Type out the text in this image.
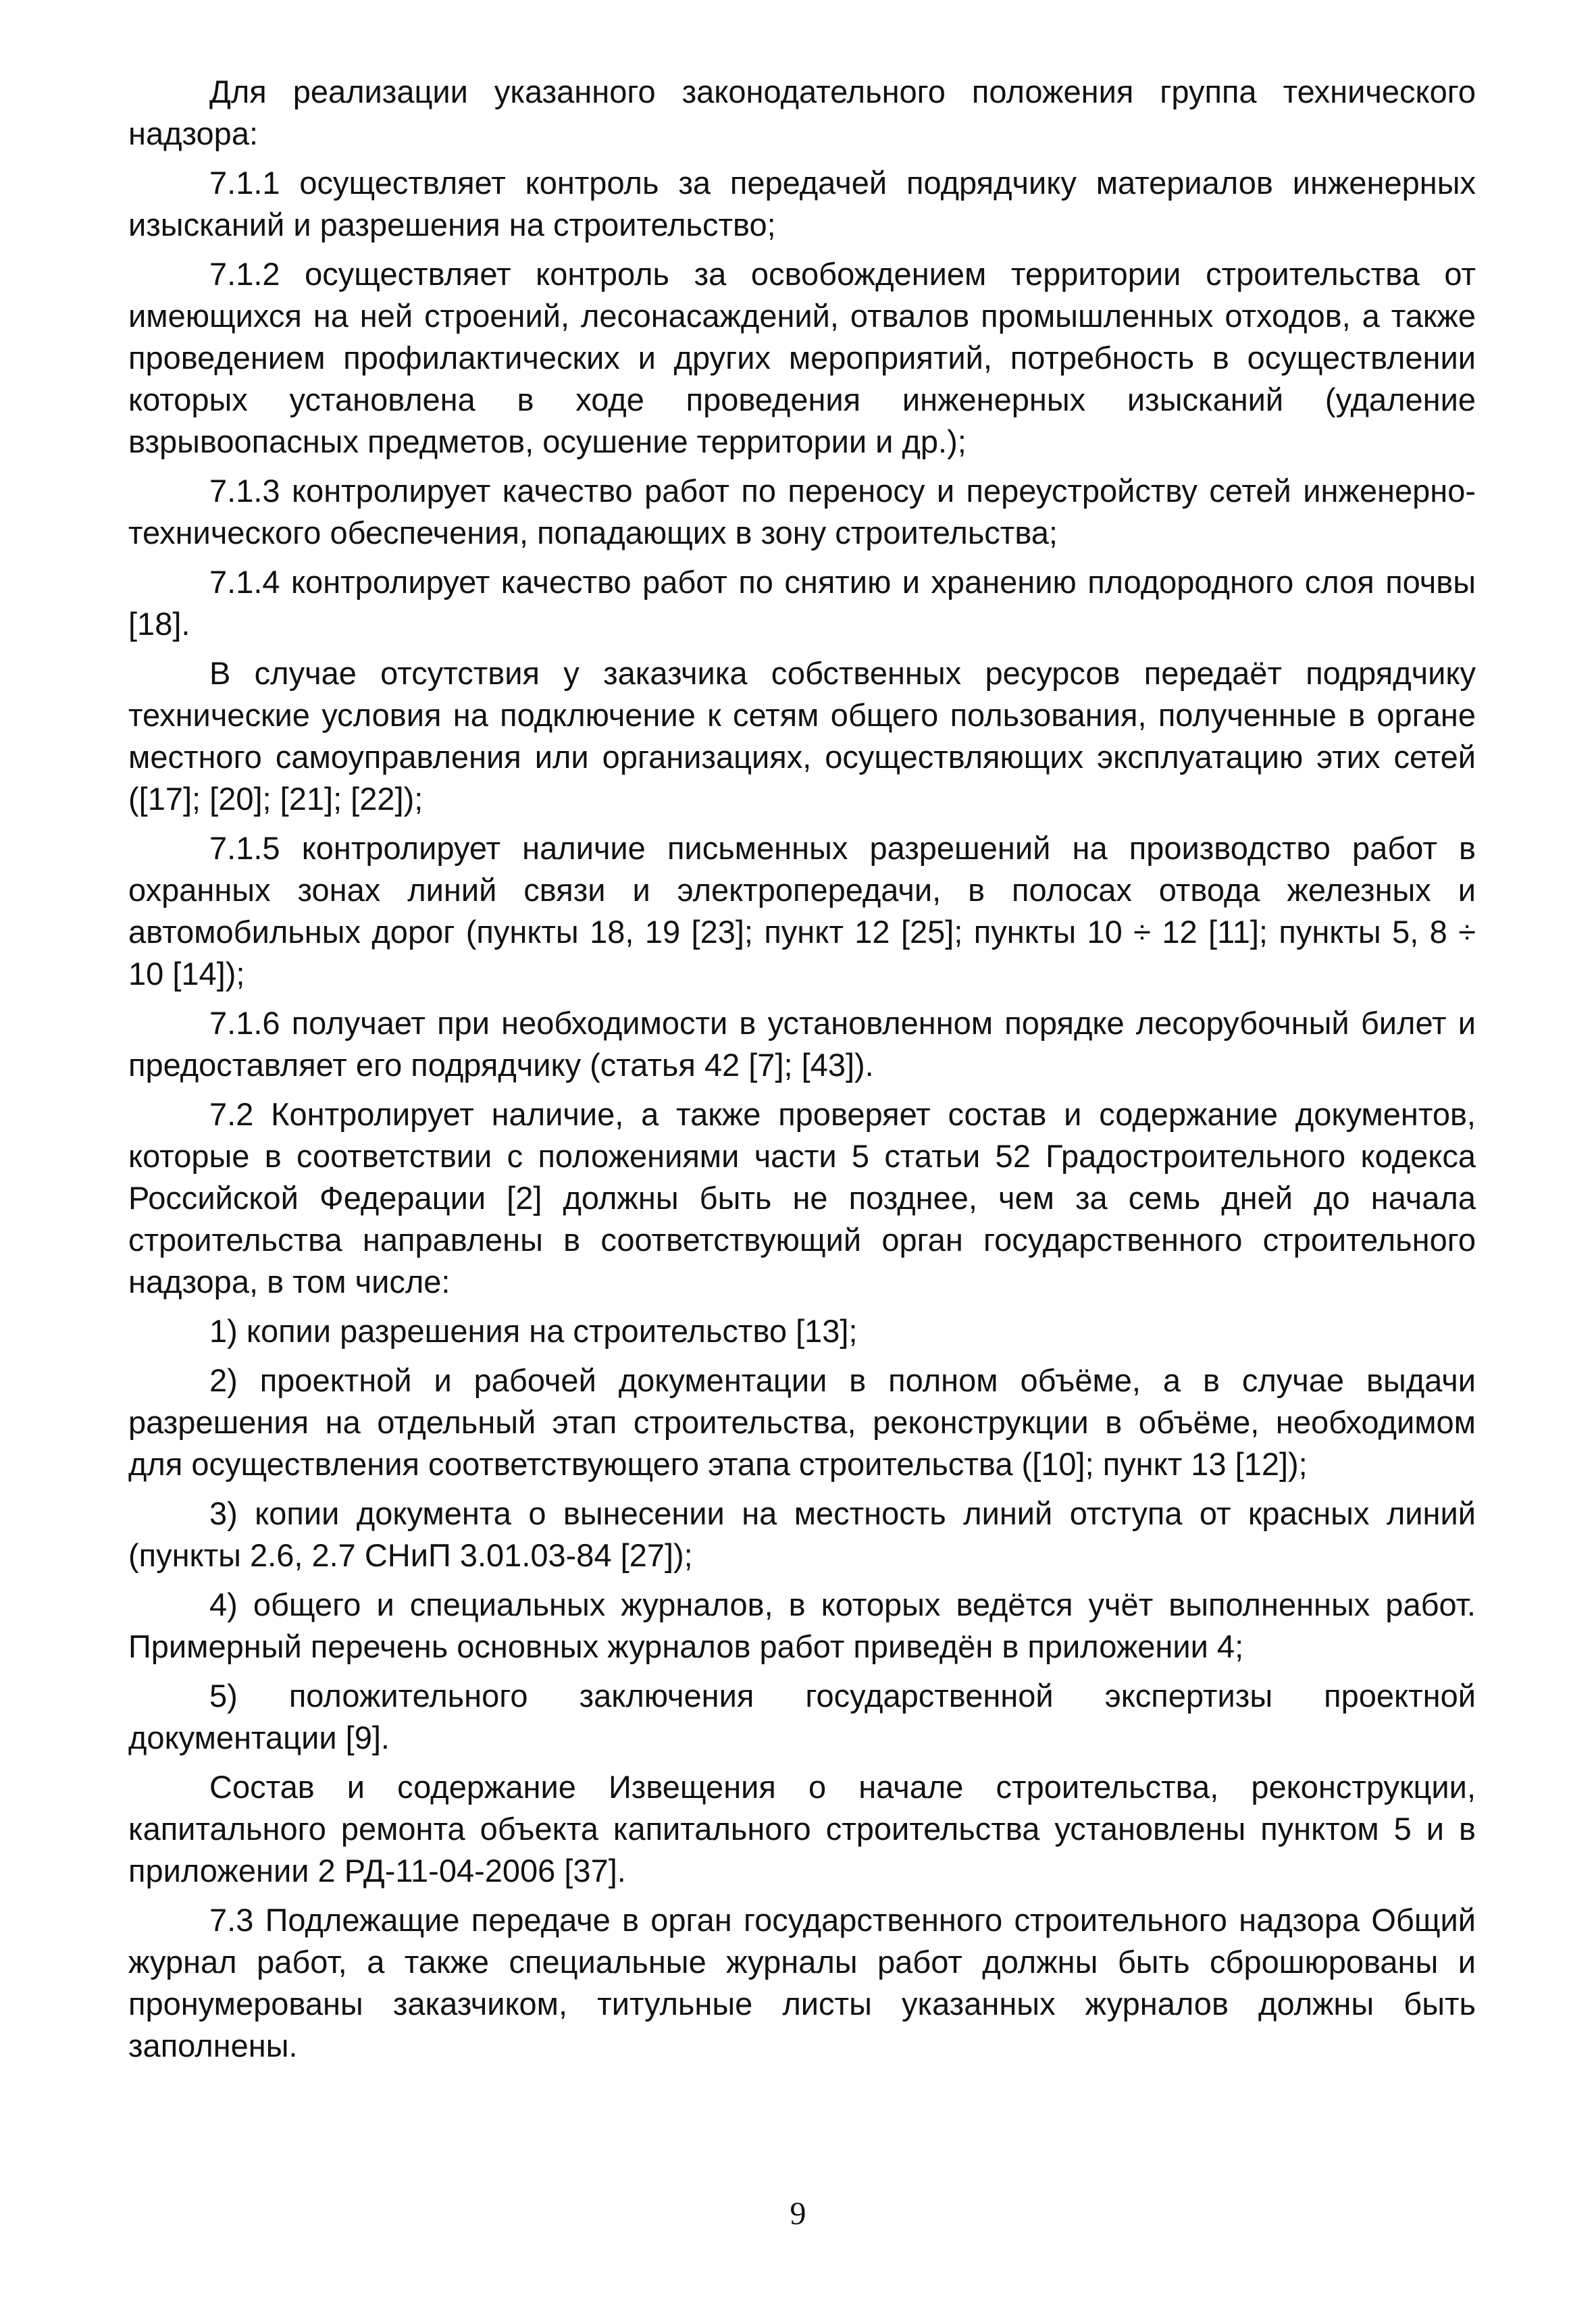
Для реализации указанного законодательного положения группа технического надзора:

7.1.1 осуществляет контроль за передачей подрядчику материалов инженерных изысканий и разрешения на строительство;

7.1.2 осуществляет контроль за освобождением территории строительства от имеющихся на ней строений, лесонасаждений, отвалов промышленных отходов, а также проведением профилактических и других мероприятий, потребность в осуществлении которых установлена в ходе проведения инженерных изысканий (удаление взрывоопасных предметов, осушение территории и др.);

7.1.3 контролирует качество работ по переносу и переустройству сетей инженерно-технического обеспечения, попадающих в зону строительства;

7.1.4 контролирует качество работ по снятию и хранению плодородного слоя почвы [18].

В случае отсутствия у заказчика собственных ресурсов передаёт подрядчику технические условия на подключение к сетям общего пользования, полученные в органе местного самоуправления или организациях, осуществляющих эксплуатацию этих сетей ([17]; [20]; [21]; [22]);

7.1.5 контролирует наличие письменных разрешений на производство работ в охранных зонах линий связи и электропередачи, в полосах отвода железных и автомобильных дорог (пункты 18, 19 [23]; пункт 12 [25]; пункты 10 ÷ 12 [11]; пункты 5, 8 ÷ 10 [14]);

7.1.6 получает при необходимости в установленном порядке лесорубочный билет и предоставляет его подрядчику (статья 42 [7]; [43]).

7.2 Контролирует наличие, а также проверяет состав и содержание документов, которые в соответствии с положениями части 5 статьи 52 Градостроительного кодекса Российской Федерации [2] должны быть не позднее, чем за семь дней до начала строительства направлены в соответствующий орган государственного строительного надзора, в том числе:

1) копии разрешения на строительство [13];

2) проектной и рабочей документации в полном объёме, а в случае выдачи разрешения на отдельный этап строительства, реконструкции в объёме, необходимом для осуществления соответствующего этапа строительства ([10]; пункт 13 [12]);

3) копии документа о вынесении на местность линий отступа от красных линий (пункты 2.6, 2.7 СНиП 3.01.03-84 [27]);

4) общего и специальных журналов, в которых ведётся учёт выполненных работ. Примерный перечень основных журналов работ приведён в приложении 4;

5) положительного заключения государственной экспертизы проектной документации [9].

Состав и содержание Извещения о начале строительства, реконструкции, капитального ремонта объекта капитального строительства установлены пунктом 5 и в приложении 2 РД-11-04-2006 [37].

7.3 Подлежащие передаче в орган государственного строительного надзора Общий журнал работ, а также специальные журналы работ должны быть сброшюрованы и пронумерованы заказчиком, титульные листы указанных журналов должны быть заполнены.

9
